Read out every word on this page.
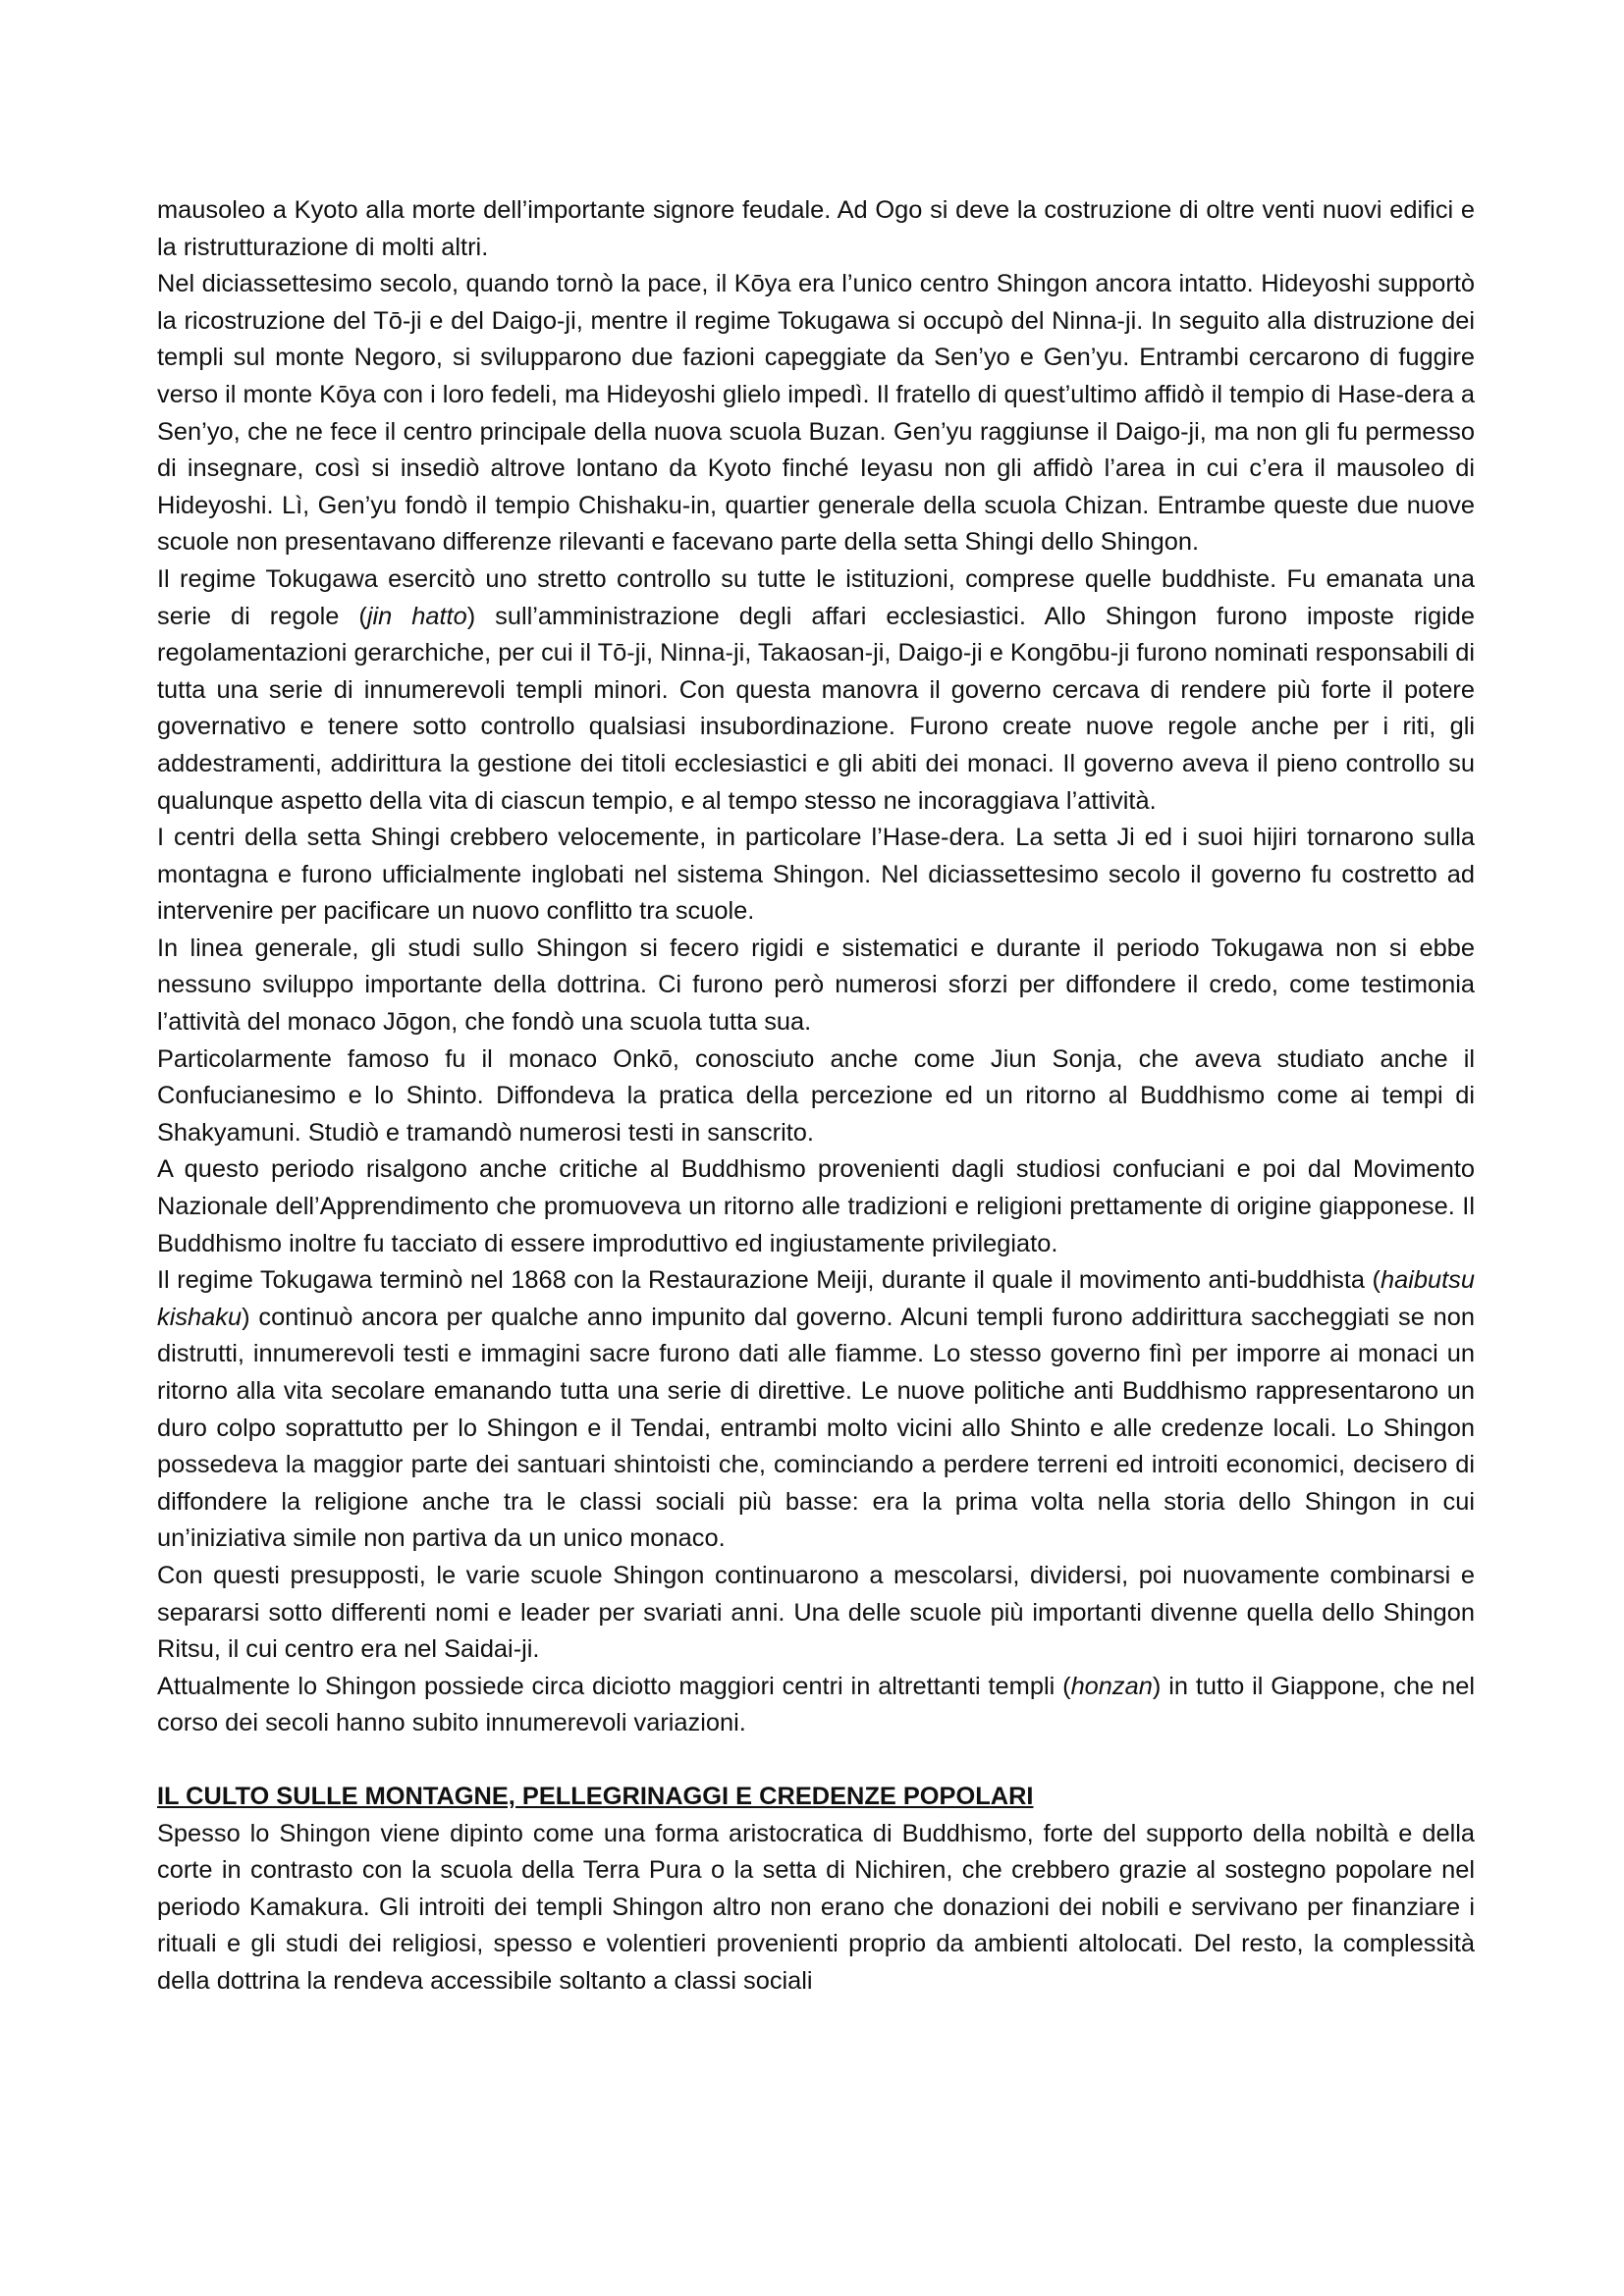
mausoleo a Kyoto alla morte dell’importante signore feudale. Ad Ogo si deve la costruzione di oltre venti nuovi edifici e la ristrutturazione di molti altri.

Nel diciassettesimo secolo, quando tornò la pace, il Kōya era l’unico centro Shingon ancora intatto. Hideyoshi supportò la ricostruzione del Tō-ji e del Daigo-ji, mentre il regime Tokugawa si occupò del Ninna-ji. In seguito alla distruzione dei templi sul monte Negoro, si svilupparono due fazioni capeggiate da Sen’yo e Gen’yu. Entrambi cercarono di fuggire verso il monte Kōya con i loro fedeli, ma Hideyoshi glielo impedì. Il fratello di quest’ultimo affidò il tempio di Hase-dera a Sen’yo, che ne fece il centro principale della nuova scuola Buzan. Gen’yu raggiunse il Daigo-ji, ma non gli fu permesso di insegnare, così si insediò altrove lontano da Kyoto finché Ieyasu non gli affidò l’area in cui c’era il mausoleo di Hideyoshi. Lì, Gen’yu fondò il tempio Chishaku-in, quartier generale della scuola Chizan. Entrambe queste due nuove scuole non presentavano differenze rilevanti e facevano parte della setta Shingi dello Shingon.

Il regime Tokugawa esercitò uno stretto controllo su tutte le istituzioni, comprese quelle buddhiste. Fu emanata una serie di regole (jin hatto) sull’amministrazione degli affari ecclesiastici. Allo Shingon furono imposte rigide regolamentazioni gerarchiche, per cui il Tō-ji, Ninna-ji, Takaosan-ji, Daigo-ji e Kongōbu-ji furono nominati responsabili di tutta una serie di innumerevoli templi minori. Con questa manovra il governo cercava di rendere più forte il potere governativo e tenere sotto controllo qualsiasi insubordinazione. Furono create nuove regole anche per i riti, gli addestramenti, addirittura la gestione dei titoli ecclesiastici e gli abiti dei monaci. Il governo aveva il pieno controllo su qualunque aspetto della vita di ciascun tempio, e al tempo stesso ne incoraggiava l’attività.

I centri della setta Shingi crebbero velocemente, in particolare l’Hase-dera. La setta Ji ed i suoi hijiri tornarono sulla montagna e furono ufficialmente inglobati nel sistema Shingon. Nel diciassettesimo secolo il governo fu costretto ad intervenire per pacificare un nuovo conflitto tra scuole.

In linea generale, gli studi sullo Shingon si fecero rigidi e sistematici e durante il periodo Tokugawa non si ebbe nessuno sviluppo importante della dottrina. Ci furono però numerosi sforzi per diffondere il credo, come testimonia l’attività del monaco Jōgon, che fondò una scuola tutta sua.

Particolarmente famoso fu il monaco Onkō, conosciuto anche come Jiun Sonja, che aveva studiato anche il Confucianesimo e lo Shinto. Diffondeva la pratica della percezione ed un ritorno al Buddhismo come ai tempi di Shakyamuni. Studiò e tramandò numerosi testi in sanscrito.

A questo periodo risalgono anche critiche al Buddhismo provenienti dagli studiosi confuciani e poi dal Movimento Nazionale dell’Apprendimento che promuoveva un ritorno alle tradizioni e religioni prettamente di origine giapponese. Il Buddhismo inoltre fu tacciato di essere improduttivo ed ingiustamente privilegiato.

Il regime Tokugawa terminò nel 1868 con la Restaurazione Meiji, durante il quale il movimento anti-buddhista (haibutsu kishaku) continuò ancora per qualche anno impunito dal governo. Alcuni templi furono addirittura saccheggiati se non distrutti, innumerevoli testi e immagini sacre furono dati alle fiamme. Lo stesso governo finì per imporre ai monaci un ritorno alla vita secolare emanando tutta una serie di direttive. Le nuove politiche anti Buddhismo rappresentarono un duro colpo soprattutto per lo Shingon e il Tendai, entrambi molto vicini allo Shinto e alle credenze locali. Lo Shingon possedeva la maggior parte dei santuari shintoisti che, cominciando a perdere terreni ed introiti economici, decisero di diffondere la religione anche tra le classi sociali più basse: era la prima volta nella storia dello Shingon in cui un’iniziativa simile non partiva da un unico monaco.

Con questi presupposti, le varie scuole Shingon continuarono a mescolarsi, dividersi, poi nuovamente combinarsi e separarsi sotto differenti nomi e leader per svariati anni. Una delle scuole più importanti divenne quella dello Shingon Ritsu, il cui centro era nel Saidai-ji.

Attualmente lo Shingon possiede circa diciotto maggiori centri in altrettanti templi (honzan) in tutto il Giappone, che nel corso dei secoli hanno subito innumerevoli variazioni.

IL CULTO SULLE MONTAGNE, PELLEGRINAGGI E CREDENZE POPOLARI

Spesso lo Shingon viene dipinto come una forma aristocratica di Buddhismo, forte del supporto della nobiltà e della corte in contrasto con la scuola della Terra Pura o la setta di Nichiren, che crebbero grazie al sostegno popolare nel periodo Kamakura. Gli introiti dei templi Shingon altro non erano che donazioni dei nobili e servivano per finanziare i rituali e gli studi dei religiosi, spesso e volentieri provenienti proprio da ambienti altolocati. Del resto, la complessità della dottrina la rendeva accessibile soltanto a classi sociali
